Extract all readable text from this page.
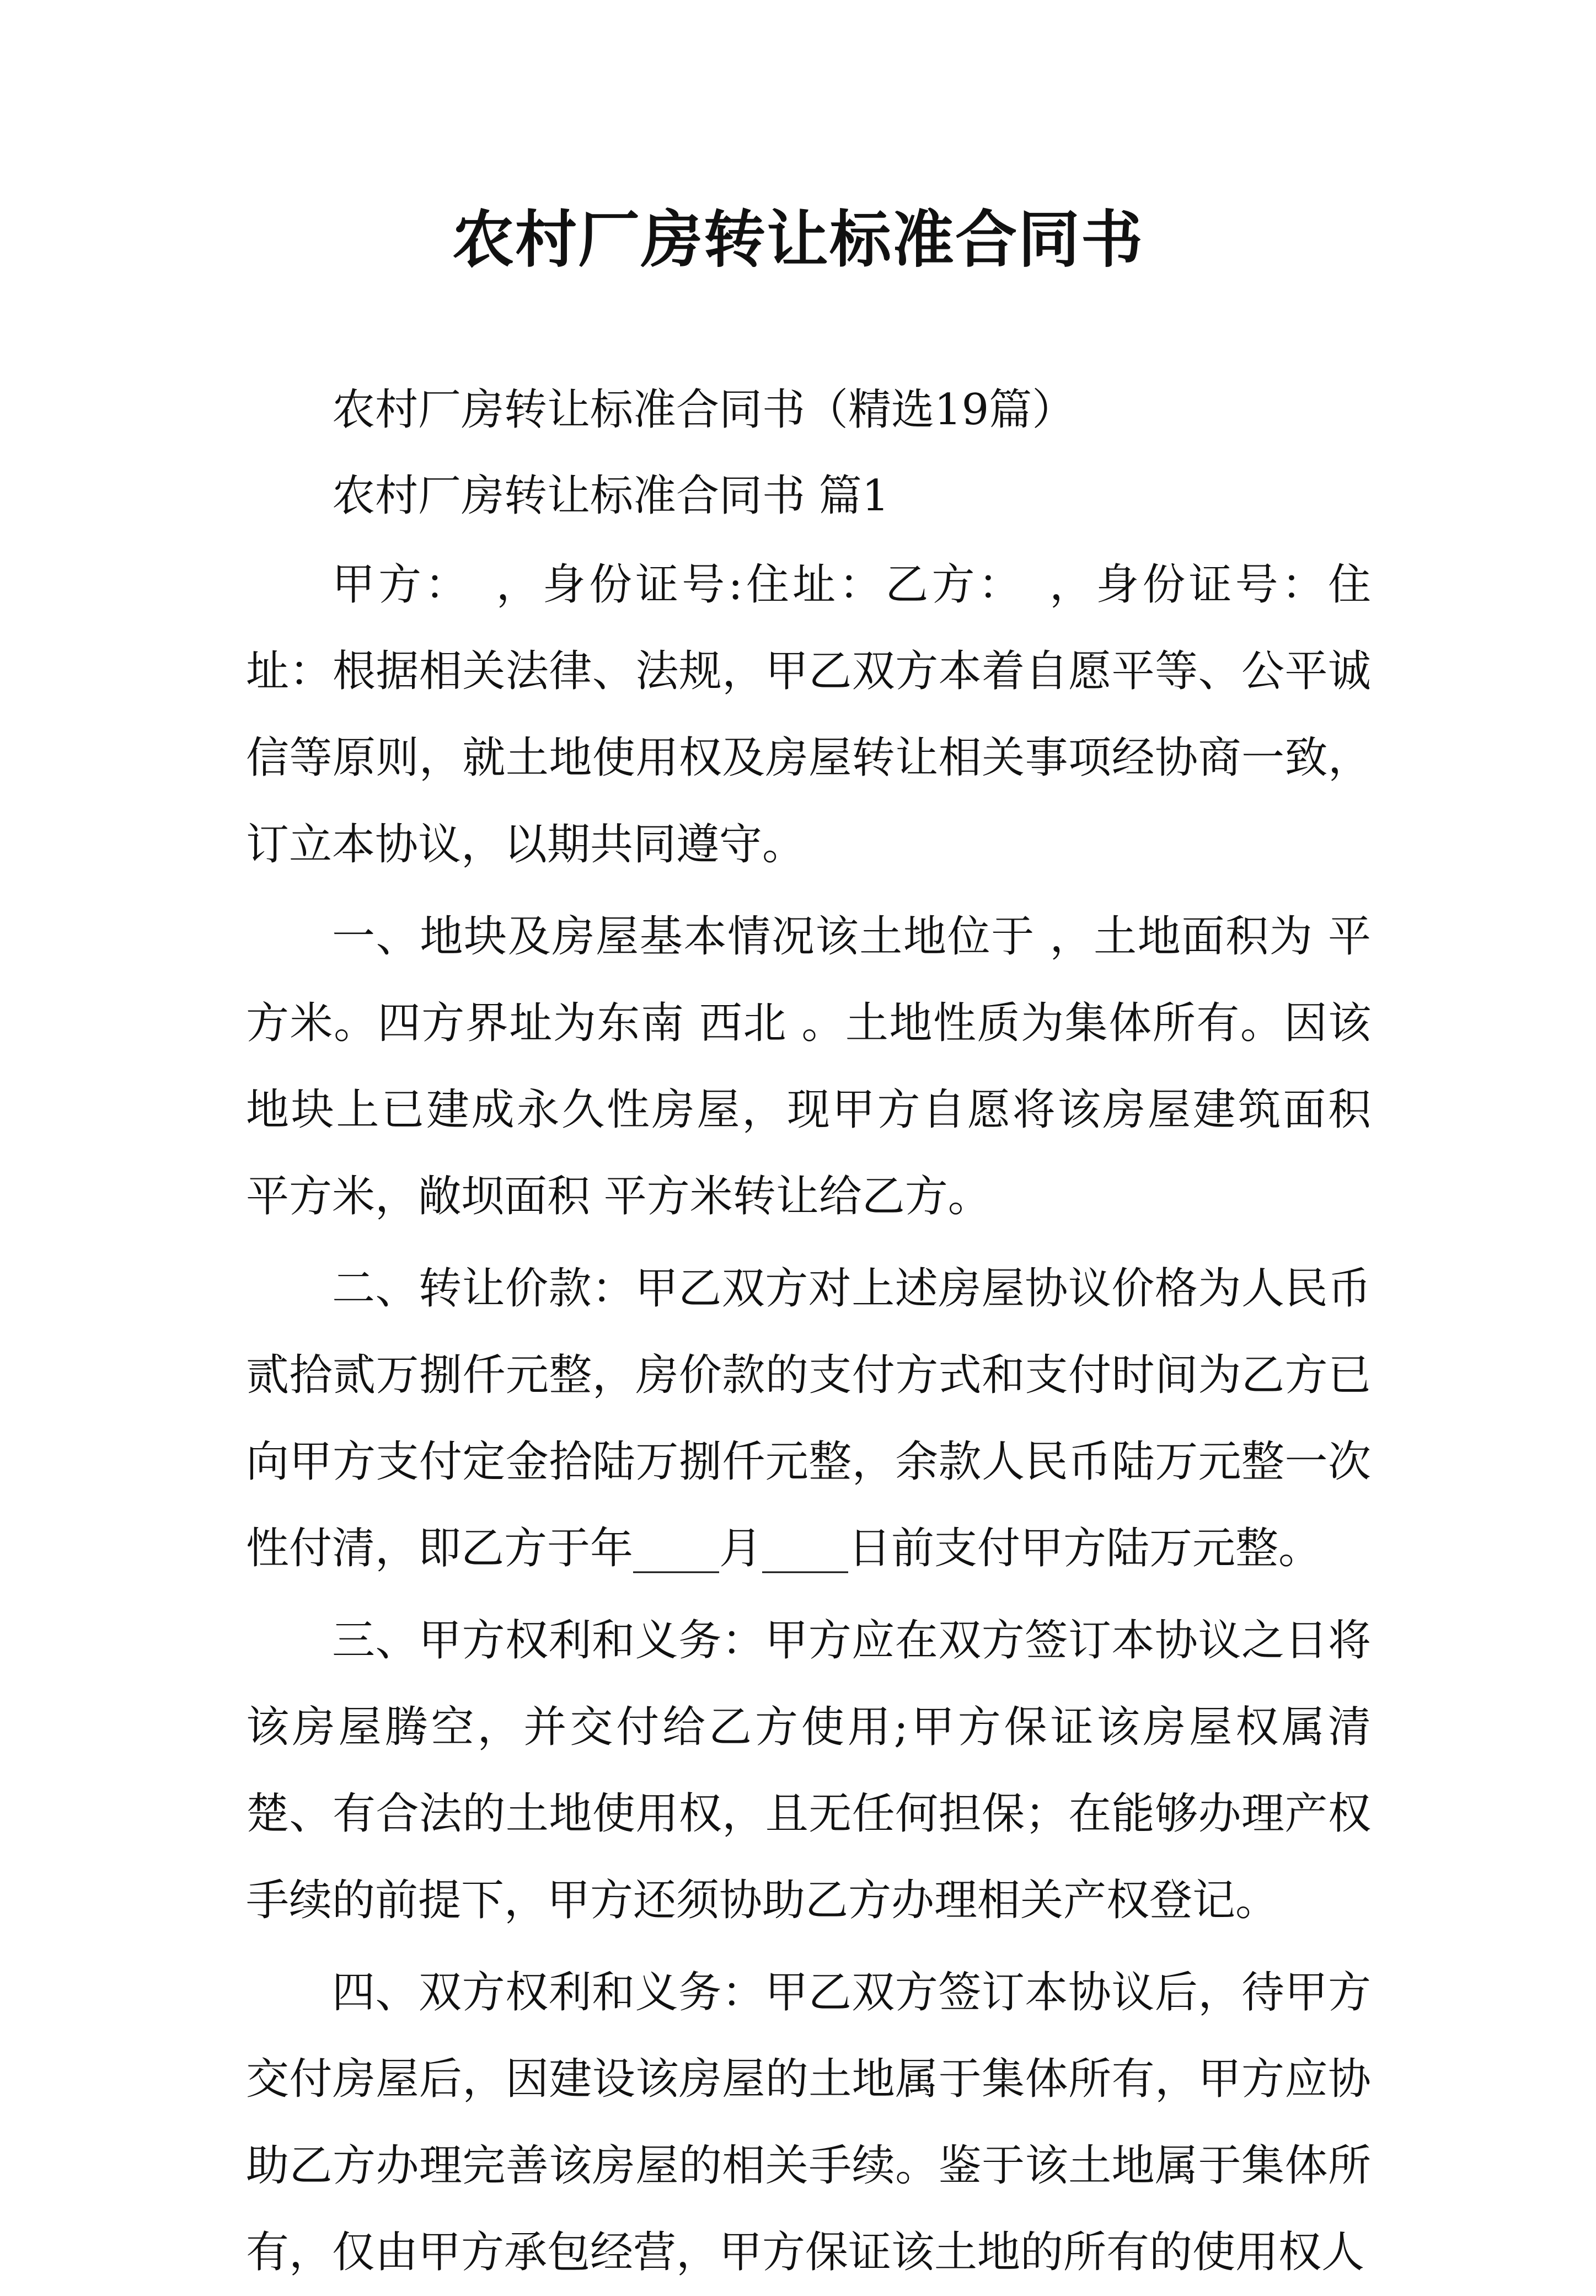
农村厂房转让标准合同书

农村厂房转让标准合同书（精选19篇）

农村厂房转让标准合同书 篇1

甲方：　，身份证号:住址：乙方：　，身份证号：住址：根据相关法律、法规，甲乙双方本着自愿平等、公平诚信等原则，就土地使用权及房屋转让相关事项经协商一致，订立本协议，以期共同遵守。

一、地块及房屋基本情况该土地位于 ，土地面积为 平方米。四方界址为东南 西北 。土地性质为集体所有。因该地块上已建成永久性房屋，现甲方自愿将该房屋建筑面积 平方米，敞坝面积 平方米转让给乙方。

二、转让价款：甲乙双方对上述房屋协议价格为人民币贰拾贰万捌仟元整，房价款的支付方式和支付时间为乙方已向甲方支付定金拾陆万捌仟元整，余款人民币陆万元整一次性付清，即乙方于年____月____日前支付甲方陆万元整。

三、甲方权利和义务：甲方应在双方签订本协议之日将该房屋腾空，并交付给乙方使用;甲方保证该房屋权属清楚、有合法的土地使用权，且无任何担保；在能够办理产权手续的前提下，甲方还须协助乙方办理相关产权登记。

四、双方权利和义务：甲乙双方签订本协议后，待甲方交付房屋后，因建设该房屋的土地属于集体所有，甲方应协助乙方办理完善该房屋的相关手续。鉴于该土地属于集体所有，仅由甲方承包经营，甲方保证该土地的所有的使用权人
